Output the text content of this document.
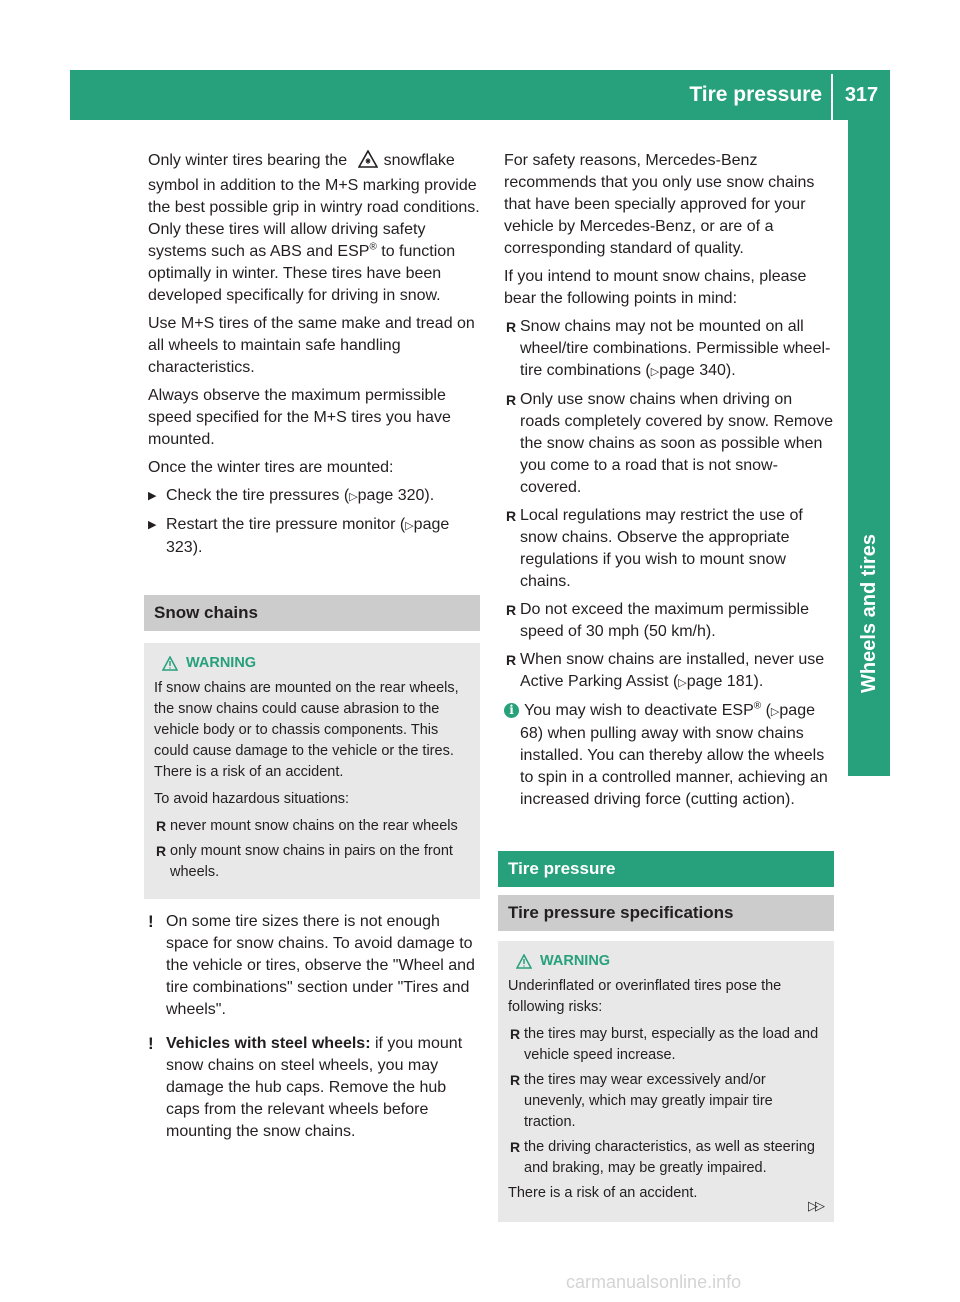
Tire pressure	317
Wheels and tires

Only winter tires bearing the snowflake symbol in addition to the M+S marking provide the best possible grip in wintry road conditions. Only these tires will allow driving safety systems such as ABS and ESP® to function optimally in winter. These tires have been developed specifically for driving in snow.

Use M+S tires of the same make and tread on all wheels to maintain safe handling characteristics.

Always observe the maximum permissible speed specified for the M+S tires you have mounted.

Once the winter tires are mounted:

▶ Check the tire pressures (▷page 320).
▶ Restart the tire pressure monitor (▷page 323).
Snow chains
WARNING

If snow chains are mounted on the rear wheels, the snow chains could cause abrasion to the vehicle body or to chassis components. This could cause damage to the vehicle or the tires. There is a risk of an accident.

To avoid hazardous situations:

R never mount snow chains on the rear wheels
R only mount snow chains in pairs on the front wheels.
! On some tire sizes there is not enough space for snow chains. To avoid damage to the vehicle or tires, observe the "Wheel and tire combinations" section under "Tires and wheels".
! Vehicles with steel wheels: if you mount snow chains on steel wheels, you may damage the hub caps. Remove the hub caps from the relevant wheels before mounting the snow chains.

For safety reasons, Mercedes-Benz recommends that you only use snow chains that have been specially approved for your vehicle by Mercedes-Benz, or are of a corresponding standard of quality.

If you intend to mount snow chains, please bear the following points in mind:

R Snow chains may not be mounted on all wheel/tire combinations. Permissible wheel-tire combinations (▷page 340).
R Only use snow chains when driving on roads completely covered by snow. Remove the snow chains as soon as possible when you come to a road that is not snow-covered.
R Local regulations may restrict the use of snow chains. Observe the appropriate regulations if you wish to mount snow chains.
R Do not exceed the maximum permissible speed of 30 mph (50 km/h).
R When snow chains are installed, never use Active Parking Assist (▷page 181).
i You may wish to deactivate ESP® (▷page 68) when pulling away with snow chains installed. You can thereby allow the wheels to spin in a controlled manner, achieving an increased driving force (cutting action).
Tire pressure
Tire pressure specifications
WARNING

Underinflated or overinflated tires pose the following risks:

R the tires may burst, especially as the load and vehicle speed increase.
R the tires may wear excessively and/or unevenly, which may greatly impair tire traction.
R the driving characteristics, as well as steering and braking, may be greatly impaired.

There is a risk of an accident.

▷▷
carmanualsonline.info
